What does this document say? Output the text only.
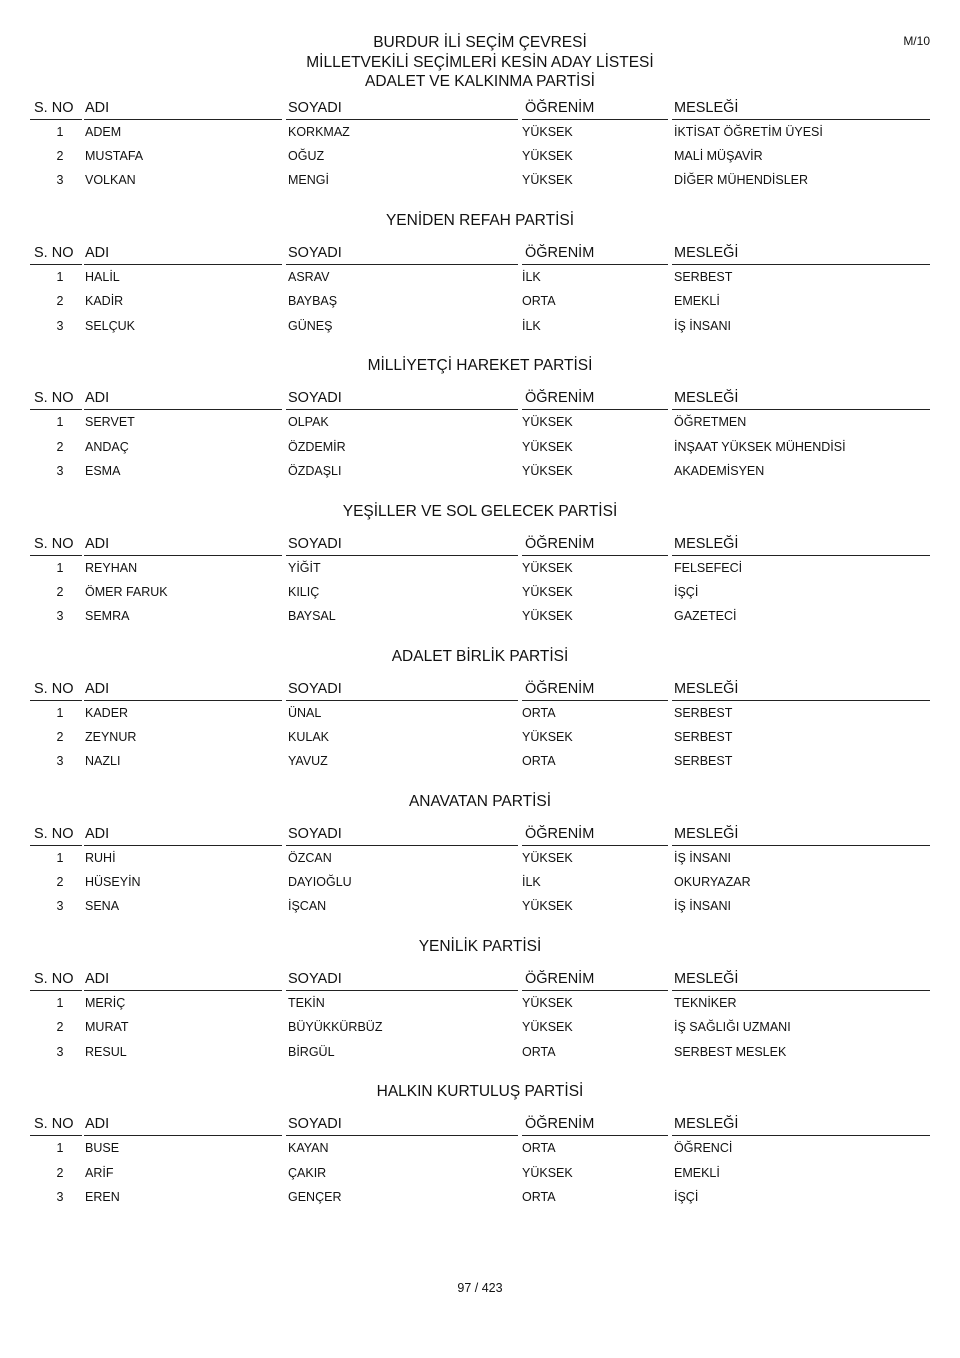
M/10
BURDUR İLİ SEÇİM ÇEVRESİ
MİLLETVEKİLİ SEÇİMLERİ KESİN ADAY LİSTESİ
ADALET VE KALKINMA PARTİSİ
S. NO ADI	SOYADI	ÖĞRENİM	MESLEĞİ
1	ADEM	KORKMAZ	YÜKSEK	İKTİSAT ÖĞRETİM ÜYESİ
2	MUSTAFA	OĞUZ	YÜKSEK	MALİ MÜŞAVİR
3	VOLKAN	MENGİ	YÜKSEK	DİĞER MÜHENDİSLER
YENİDEN REFAH PARTİSİ
S. NO ADI	SOYADI	ÖĞRENİM	MESLEĞİ
1	HALİL	ASRAV	İLK	SERBEST
2	KADİR	BAYBAŞ	ORTA	EMEKLİ
3	SELÇUK	GÜNEŞ	İLK	İŞ İNSANI
MİLLİYETÇİ HAREKET PARTİSİ
S. NO ADI	SOYADI	ÖĞRENİM	MESLEĞİ
1	SERVET	OLPAK	YÜKSEK	ÖĞRETMEN
2	ANDAÇ	ÖZDEMİR	YÜKSEK	İNŞAAT YÜKSEK MÜHENDİSİ
3	ESMA	ÖZDAŞLI	YÜKSEK	AKADEMİSYEN
YEŞİLLER VE SOL GELECEK PARTİSİ
S. NO ADI	SOYADI	ÖĞRENİM	MESLEĞİ
1	REYHAN	YİĞİT	YÜKSEK	FELSEFECİ
2	ÖMER FARUK	KILIÇ	YÜKSEK	İŞÇİ
3	SEMRA	BAYSAL	YÜKSEK	GAZETECİ
ADALET BİRLİK PARTİSİ
S. NO ADI	SOYADI	ÖĞRENİM	MESLEĞİ
1	KADER	ÜNAL	ORTA	SERBEST
2	ZEYNUR	KULAK	YÜKSEK	SERBEST
3	NAZLI	YAVUZ	ORTA	SERBEST
ANAVATAN PARTİSİ
S. NO ADI	SOYADI	ÖĞRENİM	MESLEĞİ
1	RUHİ	ÖZCAN	YÜKSEK	İŞ İNSANI
2	HÜSEYİN	DAYIOĞLU	İLK	OKURYAZAR
3	SENA	İŞCAN	YÜKSEK	İŞ İNSANI
YENİLİK PARTİSİ
S. NO ADI	SOYADI	ÖĞRENİM	MESLEĞİ
1	MERİÇ	TEKİN	YÜKSEK	TEKNİKER
2	MURAT	BÜYÜKKÜRBÜZ	YÜKSEK	İŞ SAĞLIĞI UZMANI
3	RESUL	BİRGÜL	ORTA	SERBEST MESLEK
HALKIN KURTULUŞ PARTİSİ
S. NO ADI	SOYADI	ÖĞRENİM	MESLEĞİ
1	BUSE	KAYAN	ORTA	ÖĞRENCİ
2	ARİF	ÇAKIR	YÜKSEK	EMEKLİ
3	EREN	GENÇER	ORTA	İŞÇİ
97 / 423
